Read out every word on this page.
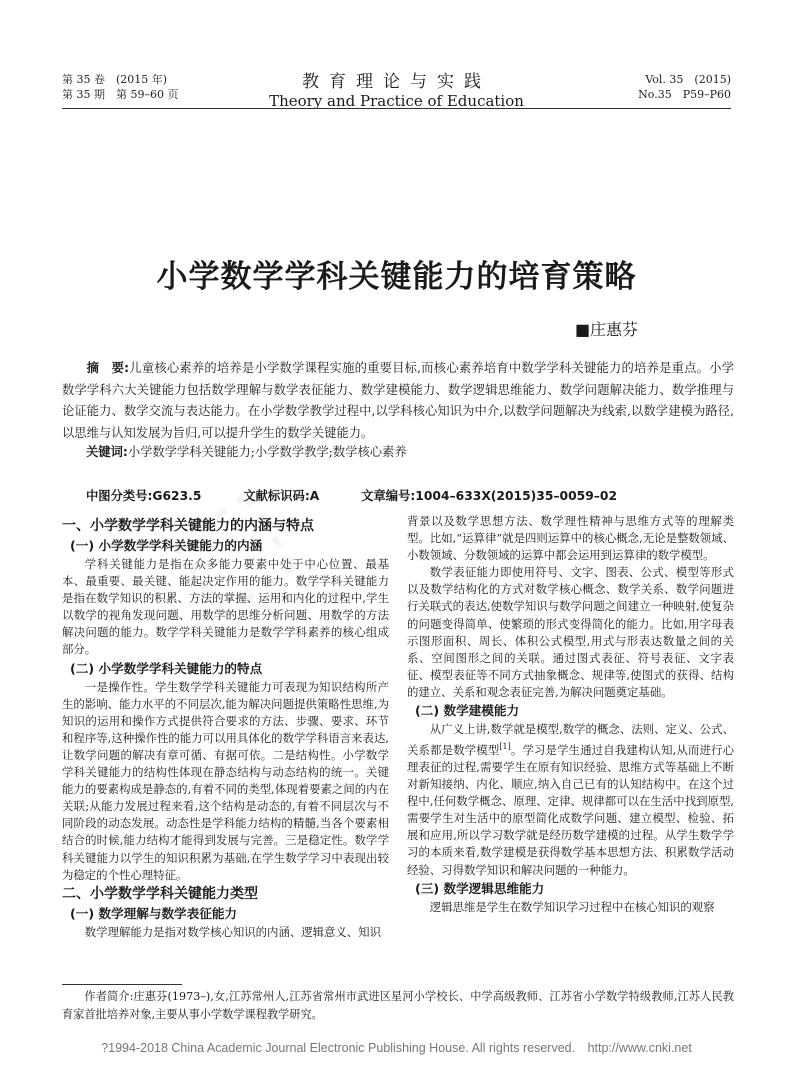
第 35 卷　(2015 年)
第 35 期　第 59–60 页
教育理论与实践
Theory and Practice of Education
Vol. 35　(2015)
No.35　P59–P60
小学数学学科关键能力的培育策略
■庄惠芬

摘　要:儿童核心素养的培养是小学数学课程实施的重要目标,而核心素养培育中数学学科关键能力的培养是重点。小学数学学科六大关键能力包括数学理解与数学表征能力、数学建模能力、数学逻辑思维能力、数学问题解决能力、数学推理与论证能力、数学交流与表达能力。在小学数学教学过程中,以学科核心知识为中介,以数学问题解决为线索,以数学建模为路径,以思维与认知发展为旨归,可以提升学生的数学关键能力。

关键词:小学数学学科关键能力;小学数学教学;数学核心素养
中图分类号:G623.5	文献标识码:A	文章编号:1004–633X(2015)35–0059–02
一、小学数学学科关键能力的内涵与特点
(一) 小学数学学科关键能力的内涵

学科关键能力是指在众多能力要素中处于中心位置、最基本、最重要、最关键、能起决定作用的能力。数学学科关键能力是指在数学知识的积累、方法的掌握、运用和内化的过程中,学生以数学的视角发现问题、用数学的思维分析问题、用数学的方法解决问题的能力。数学学科关键能力是数学学科素养的核心组成部分。

(二) 小学数学学科关键能力的特点

一是操作性。学生数学学科关键能力可表现为知识结构所产生的影响、能力水平的不同层次,能为解决问题提供策略性思维,为知识的运用和操作方式提供符合要求的方法、步骤、要求、环节和程序等,这种操作性的能力可以用具体化的数学学科语言来表达,让数学问题的解决有章可循、有据可依。二是结构性。小学数学学科关键能力的结构性体现在静态结构与动态结构的统一。关键能力的要素构成是静态的,有着不同的类型,体现着要素之间的内在关联;从能力发展过程来看,这个结构是动态的,有着不同层次与不同阶段的动态发展。动态性是学科能力结构的精髓,当各个要素相结合的时候,能力结构才能得到发展与完善。三是稳定性。数学学科关键能力以学生的知识积累为基础,在学生数学学习中表现出较为稳定的个性心理特征。

二、小学数学学科关键能力类型
(一) 数学理解与数学表征能力

数学理解能力是指对数学核心知识的内涵、逻辑意义、知识

背景以及数学思想方法、数学理性精神与思维方式等的理解类型。比如,“运算律”就是四则运算中的核心概念,无论是整数领域、小数领域、分数领域的运算中都会运用到运算律的数学模型。

数学表征能力即使用符号、文字、图表、公式、模型等形式以及数学结构化的方式对数学核心概念、数学关系、数学问题进行关联式的表达,使数学知识与数学问题之间建立一种映射,使复杂的问题变得简单、使繁琐的形式变得简化的能力。比如,用字母表示图形面积、周长、体积公式模型,用式与形表达数量之间的关系、空间图形之间的关联。通过图式表征、符号表征、文字表征、模型表征等不同方式抽象概念、规律等,使图式的获得、结构的建立、关系和观念表征完善,为解决问题奠定基础。

(二) 数学建模能力

从广义上讲,数学就是模型,数学的概念、法则、定义、公式、关系都是数学模型[1]。学习是学生通过自我建构认知,从而进行心理表征的过程,需要学生在原有知识经验、思维方式等基础上不断对新知接纳、内化、顺应,纳入自己已有的认知结构中。在这个过程中,任何数学概念、原理、定律、规律都可以在生活中找到原型,需要学生对生活中的原型简化成数学问题、建立模型、检验、拓展和应用,所以学习数学就是经历数学建模的过程。从学生数学学习的本质来看,数学建模是获得数学基本思想方法、积累数学活动经验、习得数学知识和解决问题的一种能力。

(三) 数学逻辑思维能力

逻辑思维是学生在数学知识学习过程中在核心知识的观察

作者简介:庄惠芬(1973–),女,江苏常州人,江苏省常州市武进区星河小学校长、中学高级教师、江苏省小学数学特级教师,江苏人民教育家首批培养对象,主要从事小学数学课程教学研究。
?1994-2018 China Academic Journal Electronic Publishing House. All rights reserved.　http://www.cnki.net
